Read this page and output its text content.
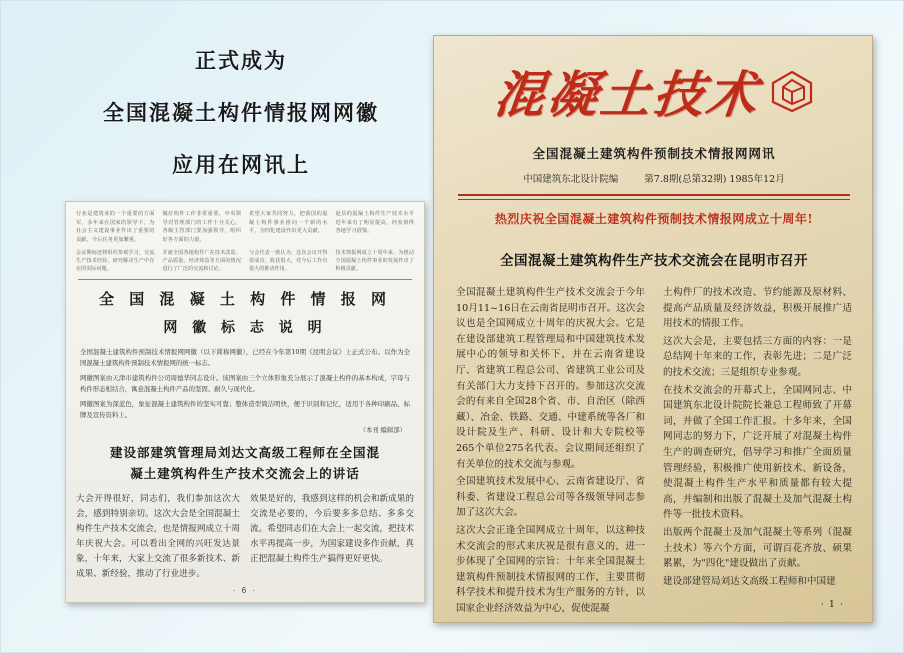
正式成为
全国混凝土构件情报网网徽
应用在网讯上
行业是建筑业的一个重要的方面军，多年来在国家的领导下，为社会主义建设事业作出了重要的贡献，今后任务更加繁重。
做好构件工作非常重要，中央领导对管理部门的工作十分关心，各级主管部门要加强领导，组织好各方面的力量。
希望大家共同努力，把我国的混凝土构件事业推向一个新的水平，为四化建设作出更大贡献。
赵县的混凝土构件生产技术水平近年来有了明显提高，经验值得各地学习借鉴。
会议期间还将组织参观学习，交流生产技术经验，研究解决生产中存在的实际问题。
并就全国各地构件厂在技术改造、产品质量、经济效益等方面的情况进行了广泛的交流和讨论。
与会代表一致认为，这次会议开得很成功，收获很大，对今后工作有很大的推动作用。
技术情报网成立十周年来，为推动全国混凝土构件事业的发展作出了积极贡献。
全 国 混 凝 土 构 件 情 报 网
网 徽 标 志 说 明

全国混凝土建筑构件预制技术情报网网徽（以下简称网徽），已经在今年第10期《昆明会议》上正式公布。以作为全国混凝土建筑构件预制技术情报网的统一标志。

网徽图案由天津市建筑构件公司周德华同志设计。该图案由三个立体形象充分展示了混凝土构件的基本构成，字母与构件形态相结合，寓意混凝土构件产品的坚固、耐久与现代化。

网徽图案为深蓝色，象征混凝土建筑构件的坚实可靠；整体造型简洁明快，便于识别和记忆，适用于各种印刷品、标牌及宣传资料上。

（本刊 编辑部）
建设部建筑管理局刘达文高级工程师在全国混
凝土建筑构件生产技术交流会上的讲话
大会开得很好，同志们，我们参加这次大会，感到特别亲切。这次大会是全国混凝土构件生产技术交流会，也是情报网成立十周年庆祝大会。可以看出全网的兴旺发达景象，十年来，大家上交流了很多新技术、新成果、新经验，推动了行业进步。
效果是好的，我感到这样的机会和新成果的交流是必要的，今后要多多总结、多多交流。希望同志们在大会上一起交流，把技术水平再提高一步，为国家建设多作贡献，真正把混凝土构件生产搞得更好更快。
· 6 ·
混凝土技术
全国混凝土建筑构件预制技术情报网网讯
中国建筑东北设计院编	第7.8期(总第32期) 1985年12月
热烈庆祝全国混凝土建筑构件预制技术情报网成立十周年!
全国混凝土建筑构件生产技术交流会在昆明市召开

全国混凝土建筑构件生产技术交流会于今年10月11~16日在云南省昆明市召开。这次会议也是全国网成立十周年的庆祝大会。它是在建设部建筑工程管理局和中国建筑技术发展中心的领导和关怀下，并在云南省建设厅、省建筑工程总公司、省建筑工业公司及有关部门大力支持下召开的。参加这次交流会的有来自全国28个省、市、自治区（除西藏）、冶金、铁路、交通、中建系统等各厂和设计院及生产、科研、设计和大专院校等265个单位275名代表。会议期间还组织了有关单位的技术交流与参观。

全国建筑技术发展中心、云南省建设厅、省科委、省建设工程总公司等各级领导同志参加了这次大会。

这次大会正逢全国网成立十周年，以这种技术交流会的形式来庆祝是很有意义的，进一步体现了全国网的宗旨：十年来全国混凝土建筑构件预制技术情报网的工作，主要贯彻科学技术和提升技术为生产服务的方针，以国家企业经济效益为中心，促使混凝

土构件厂的技术改造、节约能源及原材料、提高产品质量及经济效益，积极开展推广适用技术的情报工作。

这次大会是，主要包括三方面的内容：一是总结网十年来的工作，表彰先进；二是广泛的技术交流；三是组织专业参观。

在技术交流会的开幕式上，全国网同志、中国建筑东北设计院院长兼总工程师致了开幕词，并做了全国工作汇报。十多年来，全国网同志的努力下，广泛开展了对混凝土构件生产的调查研究，倡导学习和推广全面质量管理经验，积极推广使用新技术、新设备，使混凝土构件生产水平和质量都有较大提高，并编制和出版了混凝土及加气混凝土构件等一批技术资料。

出版两个混凝土及加气混凝土等系列（混凝土技术）等六个方面，可谓百花齐放、硕果累累，为"四化"建设做出了贡献。

建设部建管局刘达文高级工程师和中国建

· 1 ·
